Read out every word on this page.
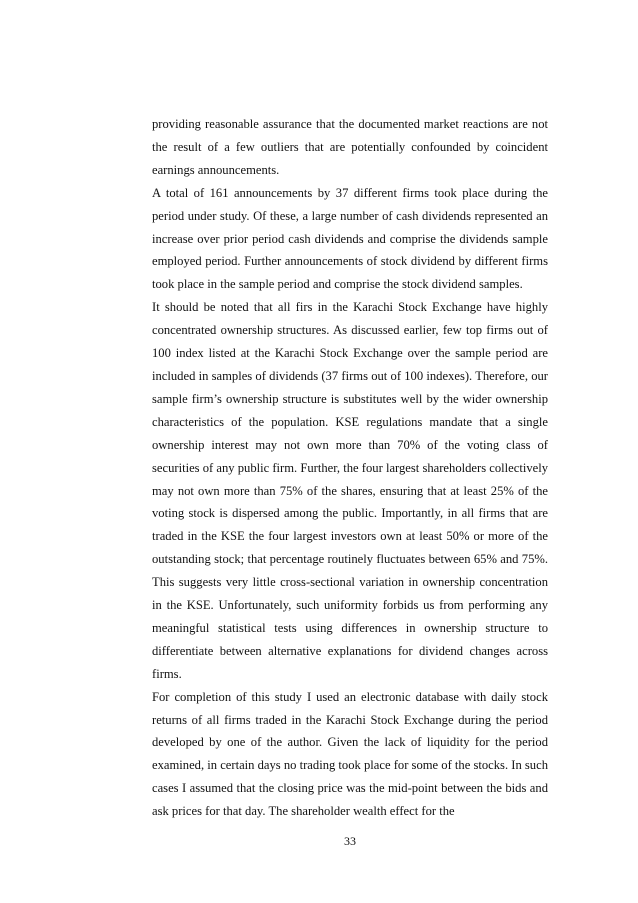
providing reasonable assurance that the documented market reactions are not the result of a few outliers that are potentially confounded by coincident earnings announcements.

A total of 161 announcements by 37 different firms took place during the period under study. Of these, a large number of cash dividends represented an increase over prior period cash dividends and comprise the dividends sample employed period. Further announcements of stock dividend by different firms took place in the sample period and comprise the stock dividend samples.

It should be noted that all firs in the Karachi Stock Exchange have highly concentrated ownership structures. As discussed earlier, few top firms out of 100 index listed at the Karachi Stock Exchange over the sample period are included in samples of dividends (37 firms out of 100 indexes). Therefore, our sample firm’s ownership structure is substitutes well by the wider ownership characteristics of the population. KSE regulations mandate that a single ownership interest may not own more than 70% of the voting class of securities of any public firm. Further, the four largest shareholders collectively may not own more than 75% of the shares, ensuring that at least 25% of the voting stock is dispersed among the public. Importantly, in all firms that are traded in the KSE the four largest investors own at least 50% or more of the outstanding stock; that percentage routinely fluctuates between 65% and 75%. This suggests very little cross-sectional variation in ownership concentration in the KSE. Unfortunately, such uniformity forbids us from performing any meaningful statistical tests using differences in ownership structure to differentiate between alternative explanations for dividend changes across firms.

For completion of this study I used an electronic database with daily stock returns of all firms traded in the Karachi Stock Exchange during the period developed by one of the author. Given the lack of liquidity for the period examined, in certain days no trading took place for some of the stocks. In such cases I assumed that the closing price was the mid-point between the bids and ask prices for that day. The shareholder wealth effect for the

33
